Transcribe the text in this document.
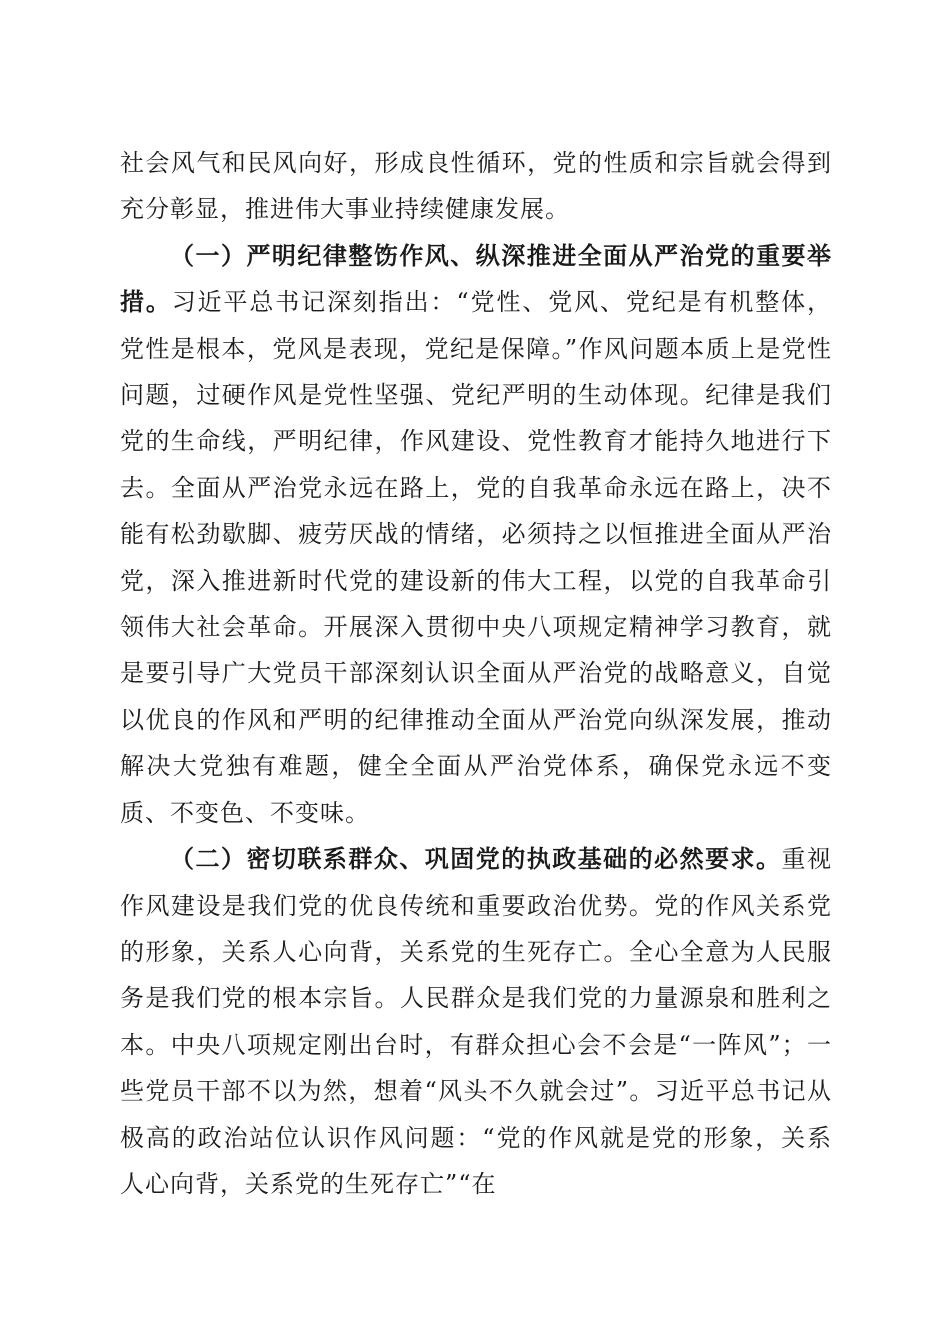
社会风气和民风向好，形成良性循环，党的性质和宗旨就会得到充分彰显，推进伟大事业持续健康发展。

（一）严明纪律整饬作风、纵深推进全面从严治党的重要举措。习近平总书记深刻指出：“党性、党风、党纪是有机整体，党性是根本，党风是表现，党纪是保障。”作风问题本质上是党性问题，过硬作风是党性坚强、党纪严明的生动体现。纪律是我们党的生命线，严明纪律，作风建设、党性教育才能持久地进行下去。全面从严治党永远在路上，党的自我革命永远在路上，决不能有松劲歇脚、疲劳厌战的情绪，必须持之以恒推进全面从严治党，深入推进新时代党的建设新的伟大工程，以党的自我革命引领伟大社会革命。开展深入贯彻中央八项规定精神学习教育，就是要引导广大党员干部深刻认识全面从严治党的战略意义，自觉以优良的作风和严明的纪律推动全面从严治党向纵深发展，推动解决大党独有难题，健全全面从严治党体系，确保党永远不变质、不变色、不变味。

（二）密切联系群众、巩固党的执政基础的必然要求。重视作风建设是我们党的优良传统和重要政治优势。党的作风关系党的形象，关系人心向背，关系党的生死存亡。全心全意为人民服务是我们党的根本宗旨。人民群众是我们党的力量源泉和胜利之本。中央八项规定刚出台时，有群众担心会不会是“一阵风”；一些党员干部不以为然，想着“风头不久就会过”。习近平总书记从极高的政治站位认识作风问题：“党的作风就是党的形象，关系人心向背，关系党的生死存亡”“在
